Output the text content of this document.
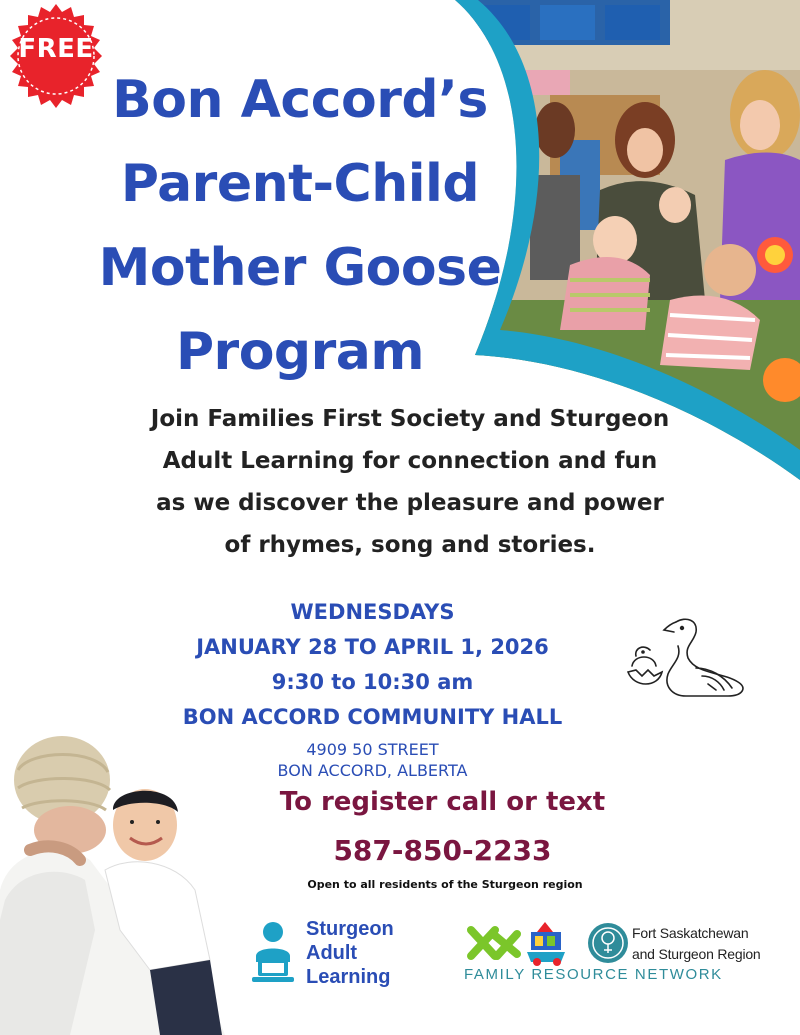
FREE
Bon Accord’s
Parent-Child
Mother Goose
Program
Join Families First Society and Sturgeon
Adult Learning for connection and fun
as we discover the pleasure and power
of rhymes, song and stories.
WEDNESDAYS
JANUARY 28 TO APRIL 1, 2026
9:30 to 10:30 am
BON ACCORD COMMUNITY HALL
4909 50 STREET
BON ACCORD, ALBERTA
To register call or text
587-850-2233
Open to all residents of the Sturgeon region
Sturgeon
Adult
Learning
Fort Saskatchewan
and Sturgeon Region
FAMILY RESOURCE NETWORK
